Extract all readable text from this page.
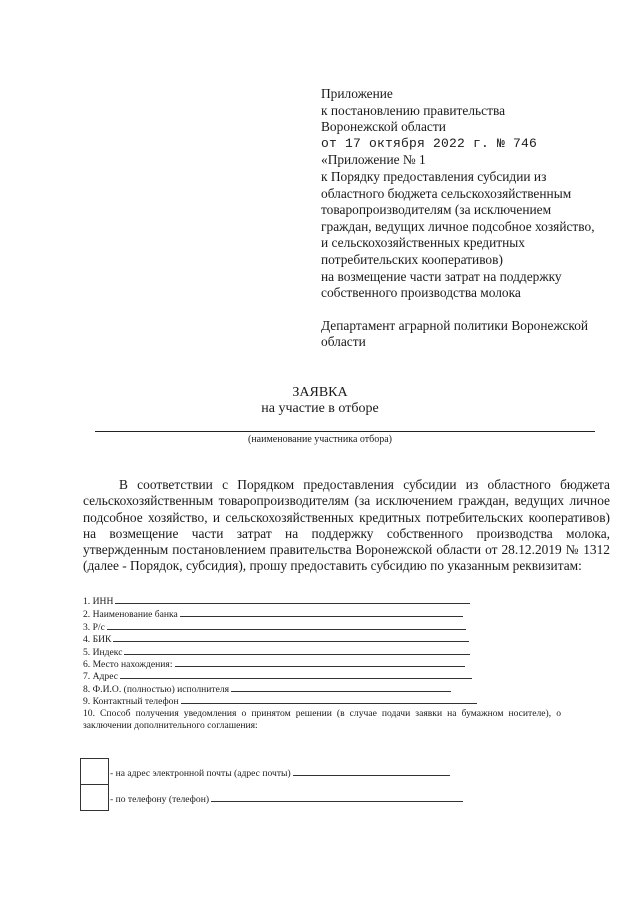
Приложение
к постановлению правительства
Воронежской области
от 17 октября 2022 г. № 746
«Приложение № 1
к Порядку предоставления субсидии из
областного бюджета сельскохозяйственным
товаропроизводителям (за исключением
граждан, ведущих личное подсобное хозяйство,
и сельскохозяйственных кредитных
потребительских кооперативов)
на возмещение части затрат на поддержку
собственного производства молока
Департамент аграрной политики Воронежской
области
ЗАЯВКА
на участие в отборе
(наименование участника отбора)

В соответствии с Порядком предоставления субсидии из областного бюджета сельскохозяйственным товаропроизводителям (за исключением граждан, ведущих личное подсобное хозяйство, и сельскохозяйственных кредитных потребительских кооперативов) на возмещение части затрат на поддержку собственного производства молока, утвержденным постановлением правительства Воронежской области от 28.12.2019 № 1312 (далее - Порядок, субсидия), прошу предоставить субсидию по указанным реквизитам:

1. ИНН
2. Наименование банка
3. Р/с
4. БИК
5. Индекс
6. Место нахождения:
7. Адрес
8. Ф.И.О. (полностью) исполнителя
9. Контактный телефон
10. Способ получения уведомления о принятом решении (в случае подачи заявки на бумажном носителе), о заключении дополнительного соглашения:
- на адрес электронной почты (адрес почты)
- по телефону (телефон)
